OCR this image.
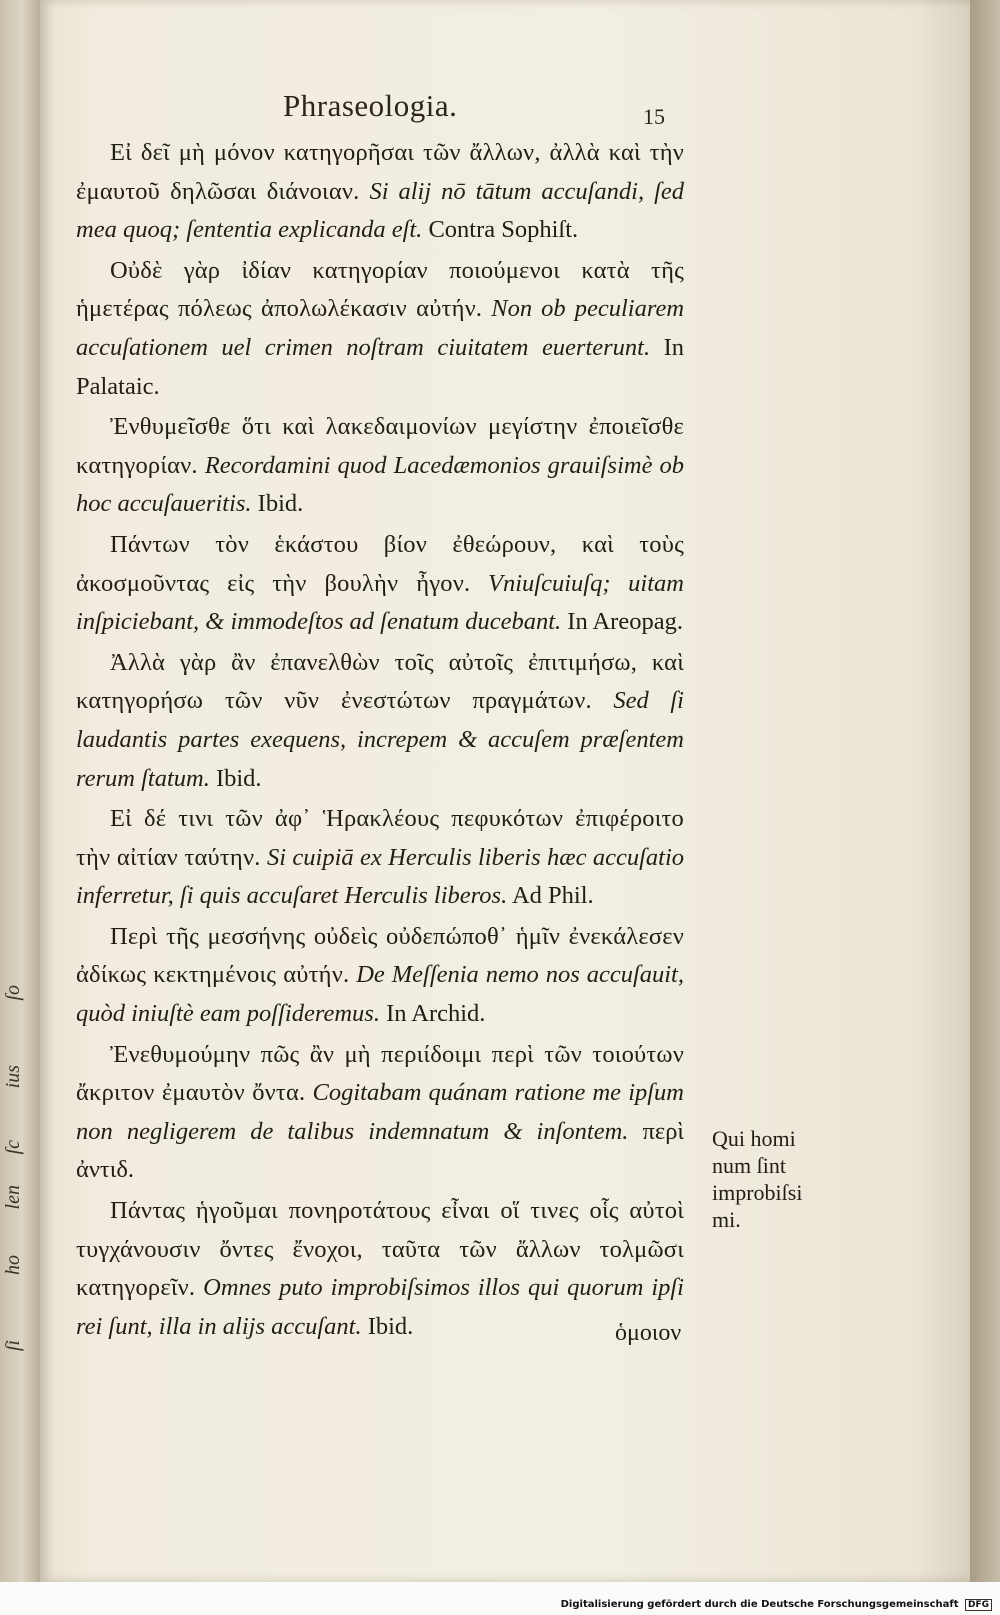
ſo
ius
ſc
len
ho
ſi
Phraseologia.	15

Εἰ δεῖ μὴ μόνον κατηγορῆσαι τῶν ἄλλων, ἀλλὰ καὶ τὴν ἐμαυτοῦ δηλῶσαι διάνοιαν. Si alij nō tātum accuſandi, ſed mea quoq; ſententia explicanda eſt. Contra Sophiſt.

Οὐδὲ γὰρ ἰδίαν κατηγορίαν ποιούμενοι κατὰ τῆς ἡμετέρας πόλεως ἀπολωλέκασιν αὐτήν. Non ob peculiarem accuſationem uel crimen noſtram ciuitatem euerterunt. In Palataic.

Ἐνθυμεῖσθε ὅτι καὶ λακεδαιμονίων μεγίστην ἐποιεῖσθε κατηγορίαν. Recordamini quod Lacedæmonios grauiſsimè ob hoc accuſaueritis. Ibid.

Πάντων τὸν ἑκάστου βίον ἐθεώρουν, καὶ τοὺς ἀκοσμοῦντας εἰς τὴν βουλὴν ἦγον. Vniuſcuiuſq; uitam inſpiciebant, & immodeſtos ad ſenatum ducebant. In Areopag.

Ἀλλὰ γὰρ ἂν ἐπανελθὼν τοῖς αὐτοῖς ἐπιτιμήσω, καὶ κατηγορήσω τῶν νῦν ἐνεστώτων πραγμάτων. Sed ſi laudantis partes exequens, increpem & accuſem præſentem rerum ſtatum. Ibid.

Εἰ δέ τινι τῶν ἀφ᾽ Ἡρακλέους πεφυκότων ἐπιφέροιτο τὴν αἰτίαν ταύτην. Si cuipiā ex Herculis liberis hæc accuſatio inferretur, ſi quis accuſaret Herculis liberos. Ad Phil.

Περὶ τῆς μεσσήνης οὐδεὶς οὐδεπώποθ᾽ ἡμῖν ἐνεκάλεσεν ἀδίκως κεκτημένοις αὐτήν. De Meſſenia nemo nos accuſauit, quòd iniuſtè eam poſſideremus. In Archid.

Ἐνεθυμούμην πῶς ἂν μὴ περιίδοιμι περὶ τῶν τοιούτων ἄκριτον ἐμαυτὸν ὄντα. Cogitabam quánam ratione me ipſum non negligerem de talibus indemnatum & inſontem. περὶ ἀντιδ.

Πάντας ἡγοῦμαι πονηροτάτους εἶναι οἵ τινες οἷς αὐτοὶ τυγχάνουσιν ὄντες ἔνοχοι, ταῦτα τῶν ἄλλων τολμῶσι κατηγορεῖν. Omnes puto improbiſsimos illos qui quorum ipſi rei ſunt, illa in alijs accuſant. Ibid.

Qui homi
num ſint
improbiſsi
mi.
ὁμοιον
Digitalisierung gefördert durch die Deutsche Forschungsgemeinschaft DFG
